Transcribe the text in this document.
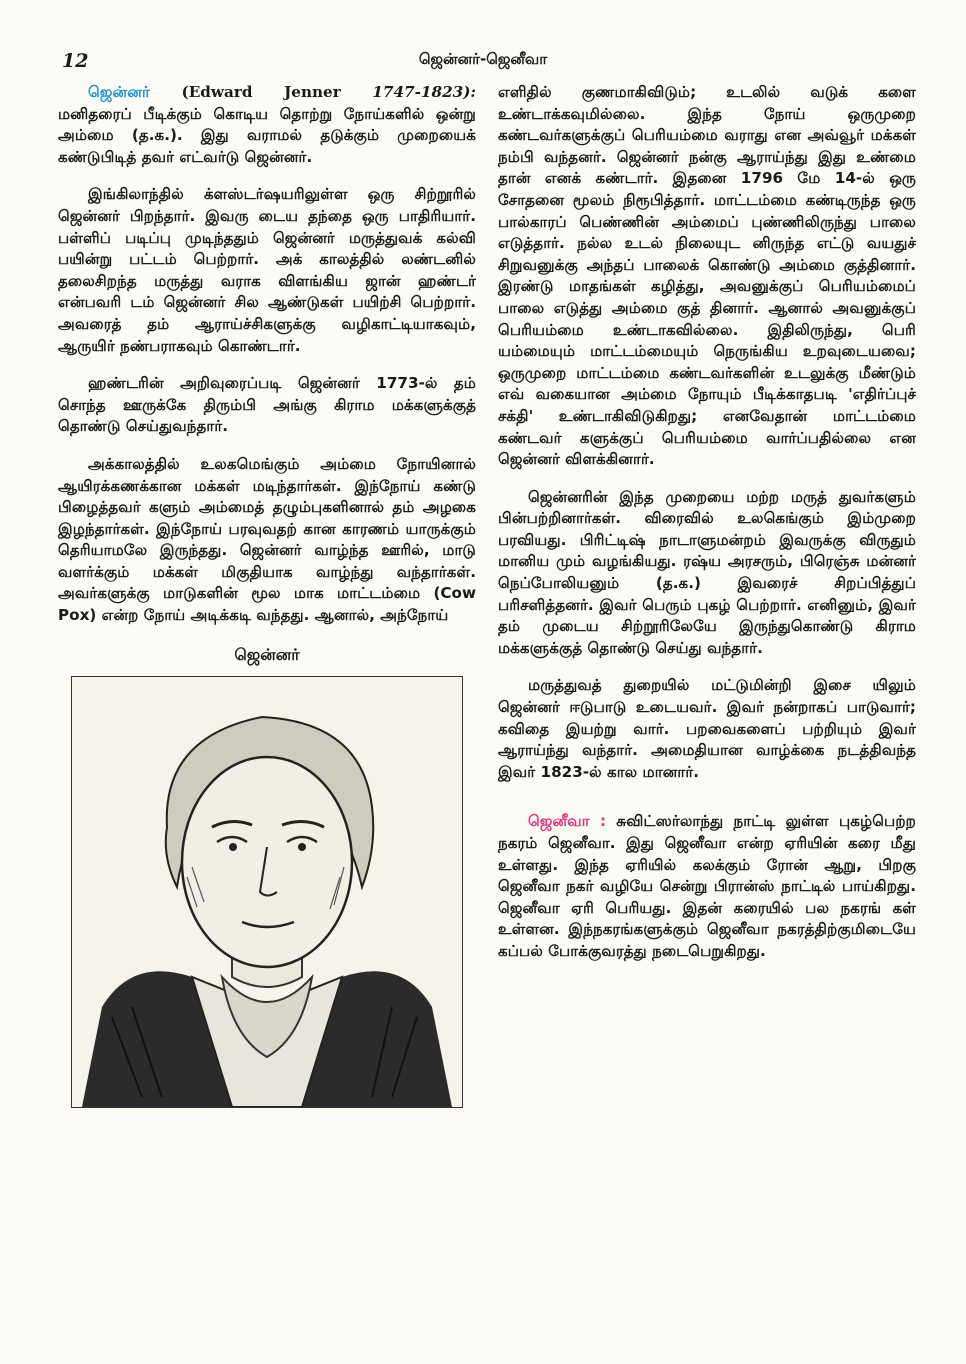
12	ஜென்னர்-ஜெனீவா

ஜென்னர் (Edward Jenner 1747-1823): மனிதரைப் பீடிக்கும் கொடிய தொற்று நோய்களில் ஒன்று அம்மை (த.க.). இது வராமல் தடுக்கும் முறையைக் கண்டுபிடித் தவர் எட்வர்டு ஜென்னர்.

இங்கிலாந்தில் க்ளஸ்டர்ஷயரிலுள்ள ஒரு சிற்றூரில் ஜென்னர் பிறந்தார். இவரு டைய தந்தை ஒரு பாதிரியார். பள்ளிப் படிப்பு முடிந்ததும் ஜென்னர் மருத்துவக் கல்வி பயின்று பட்டம் பெற்றார். அக் காலத்தில் லண்டனில் தலைசிறந்த மருத்து வராக விளங்கிய ஜான் ஹண்டர் என்பவரி டம் ஜென்னர் சில ஆண்டுகள் பயிற்சி பெற்றார். அவரைத் தம் ஆராய்ச்சிகளுக்கு வழிகாட்டியாகவும், ஆருயிர் நண்பராகவும் கொண்டார்.

ஹண்டரின் அறிவுரைப்படி ஜென்னர் 1773-ல் தம் சொந்த ஊருக்கே திரும்பி அங்கு கிராம மக்களுக்குத் தொண்டு செய்துவந்தார்.

அக்காலத்தில் உலகமெங்கும் அம்மை நோயினால் ஆயிரக்கணக்கான மக்கள் மடிந்தார்கள். இந்நோய் கண்டு பிழைத்தவர் களும் அம்மைத் தழும்புகளினால் தம் அழகை இழந்தார்கள். இந்நோய் பரவுவதற் கான காரணம் யாருக்கும் தெரியாமலே இருந்தது. ஜென்னர் வாழ்ந்த ஊரில், மாடு வளர்க்கும் மக்கள் மிகுதியாக வாழ்ந்து வந்தார்கள். அவர்களுக்கு மாடுகளின் மூல மாக மாட்டம்மை (Cow Pox) என்ற நோய் அடிக்கடி வந்தது. ஆனால், அந்நோய்

ஜென்னர்

எளிதில் குணமாகிவிடும்; உடலில் வடுக் களை உண்டாக்கவுமில்லை. இந்த நோய் ஒருமுறை கண்டவர்களுக்குப் பெரியம்மை வராது என அவ்வூர் மக்கள் நம்பி வந்தனர். ஜென்னர் நன்கு ஆராய்ந்து இது உண்மை தான் எனக் கண்டார். இதனை 1796 மே 14-ல் ஒரு சோதனை மூலம் நிரூபித்தார். மாட்டம்மை கண்டிருந்த ஒரு பால்காரப் பெண்ணின் அம்மைப் புண்ணிலிருந்து பாலை எடுத்தார். நல்ல உடல் நிலையுட னிருந்த எட்டு வயதுச் சிறுவனுக்கு அந்தப் பாலைக் கொண்டு அம்மை குத்தினார். இரண்டு மாதங்கள் கழித்து, அவனுக்குப் பெரியம்மைப் பாலை எடுத்து அம்மை குத் தினார். ஆனால் அவனுக்குப் பெரியம்மை உண்டாகவில்லை. இதிலிருந்து, பெரி யம்மையும் மாட்டம்மையும் நெருங்கிய உறவுடையவை; ஒருமுறை மாட்டம்மை கண்டவர்களின் உடலுக்கு மீண்டும் எவ் வகையான அம்மை நோயும் பீடிக்காதபடி 'எதிர்ப்புச் சக்தி' உண்டாகிவிடுகிறது; எனவேதான் மாட்டம்மை கண்டவர் களுக்குப் பெரியம்மை வார்ப்பதில்லை என ஜென்னர் விளக்கினார்.

ஜென்னரின் இந்த முறையை மற்ற மருத் துவர்களும் பின்பற்றினார்கள். விரைவில் உலகெங்கும் இம்முறை பரவியது. பிரிட்டிஷ் நாடாளுமன்றம் இவருக்கு விருதும் மானிய மும் வழங்கியது. ரஷ்ய அரசரும், பிரெஞ்சு மன்னர் நெப்போலியனும் (த.க.) இவரைச் சிறப்பித்துப் பரிசளித்தனர். இவர் பெரும் புகழ் பெற்றார். எனினும், இவர் தம் முடைய சிற்றூரிலேயே இருந்துகொண்டு கிராம மக்களுக்குத் தொண்டு செய்து வந்தார்.

மருத்துவத் துறையில் மட்டுமின்றி இசை யிலும் ஜென்னர் ஈடுபாடு உடையவர். இவர் நன்றாகப் பாடுவார்; கவிதை இயற்று வார். பறவைகளைப் பற்றியும் இவர் ஆராய்ந்து வந்தார். அமைதியான வாழ்க்கை நடத்திவந்த இவர் 1823-ல் கால மானார்.

ஜெனீவா : சுவிட்ஸர்லாந்து நாட்டி லுள்ள புகழ்பெற்ற நகரம் ஜெனீவா. இது ஜெனீவா என்ற ஏரியின் கரை மீது உள்ளது. இந்த ஏரியில் கலக்கும் ரோன் ஆறு, பிறகு ஜெனீவா நகர் வழியே சென்று பிரான்ஸ் நாட்டில் பாய்கிறது. ஜெனீவா ஏரி பெரியது. இதன் கரையில் பல நகரங் கள் உள்ளன. இந்நகரங்களுக்கும் ஜெனீவா நகரத்திற்குமிடையே கப்பல் போக்குவரத்து நடைபெறுகிறது.
